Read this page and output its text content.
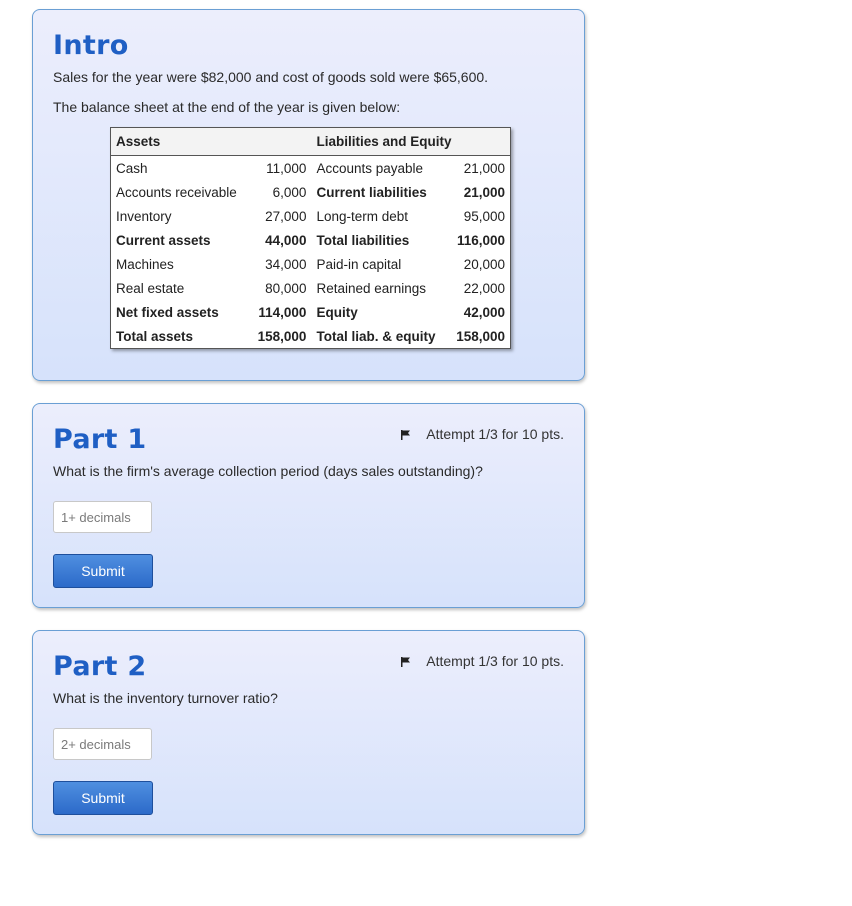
Intro

Sales for the year were $82,000 and cost of goods sold were $65,600.

The balance sheet at the end of the year is given below:

Assets		Liabilities and Equity	
Cash	11,000	Accounts payable	21,000
Accounts receivable	6,000	Current liabilities	21,000
Inventory	27,000	Long-term debt	95,000
Current assets	44,000	Total liabilities	116,000
Machines	34,000	Paid-in capital	20,000
Real estate	80,000	Retained earnings	22,000
Net fixed assets	114,000	Equity	42,000
Total assets	158,000	Total liab. & equity	158,000
Part 1	Attempt 1/3 for 10 pts.

What is the firm's average collection period (days sales outstanding)?

1+ decimals
Submit
Part 2	Attempt 1/3 for 10 pts.

What is the inventory turnover ratio?

2+ decimals
Submit
